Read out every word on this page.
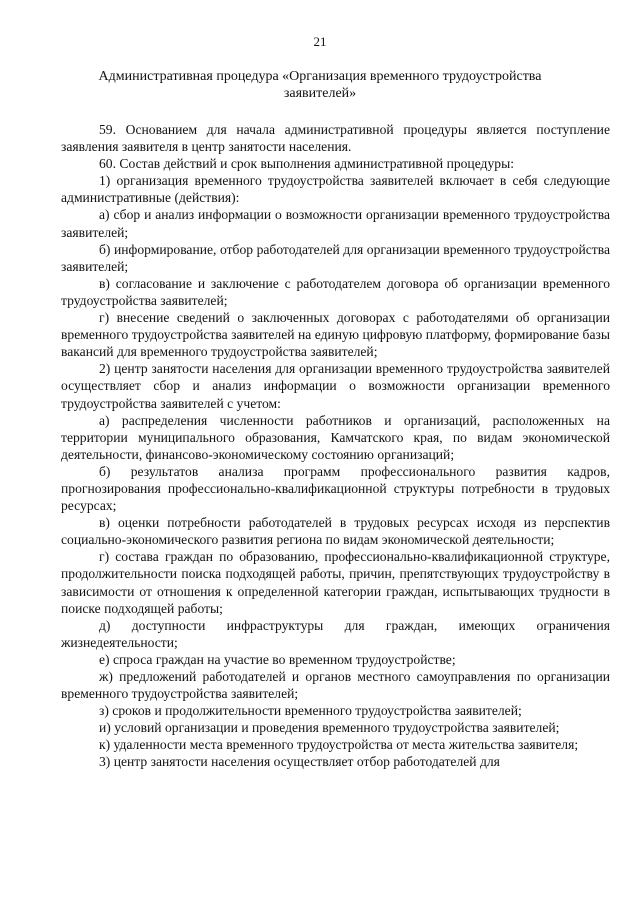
21
Административная процедура «Организация временного трудоустройства
заявителей»

59. Основанием для начала административной процедуры является поступление заявления заявителя в центр занятости населения.

60. Состав действий и срок выполнения административной процедуры:

1) организация временного трудоустройства заявителей включает в себя следующие административные (действия):

а) сбор и анализ информации о возможности организации временного трудоустройства заявителей;

б) информирование, отбор работодателей для организации временного трудоустройства заявителей;

в) согласование и заключение с работодателем договора об организации временного трудоустройства заявителей;

г) внесение сведений о заключенных договорах с работодателями об организации временного трудоустройства заявителей на единую цифровую платформу, формирование базы вакансий для временного трудоустройства заявителей;

2) центр занятости населения для организации временного трудоустройства заявителей осуществляет сбор и анализ информации о возможности организации временного трудоустройства заявителей с учетом:

а) распределения численности работников и организаций, расположенных на территории муниципального образования, Камчатского края, по видам экономической деятельности, финансово-экономическому состоянию организаций;

б) результатов анализа программ профессионального развития кадров, прогнозирования профессионально-квалификационной структуры потребности в трудовых ресурсах;

в) оценки потребности работодателей в трудовых ресурсах исходя из перспектив социально-экономического развития региона по видам экономической деятельности;

г) состава граждан по образованию, профессионально-квалификационной структуре, продолжительности поиска подходящей работы, причин, препятствующих трудоустройству в зависимости от отношения к определенной категории граждан, испытывающих трудности в поиске подходящей работы;

д) доступности инфраструктуры для граждан, имеющих ограничения жизнедеятельности;

е) спроса граждан на участие во временном трудоустройстве;

ж) предложений работодателей и органов местного самоуправления по организации временного трудоустройства заявителей;

з) сроков и продолжительности временного трудоустройства заявителей;

и) условий организации и проведения временного трудоустройства заявителей;

к) удаленности места временного трудоустройства от места жительства заявителя;

3) центр занятости населения осуществляет отбор работодателей для
